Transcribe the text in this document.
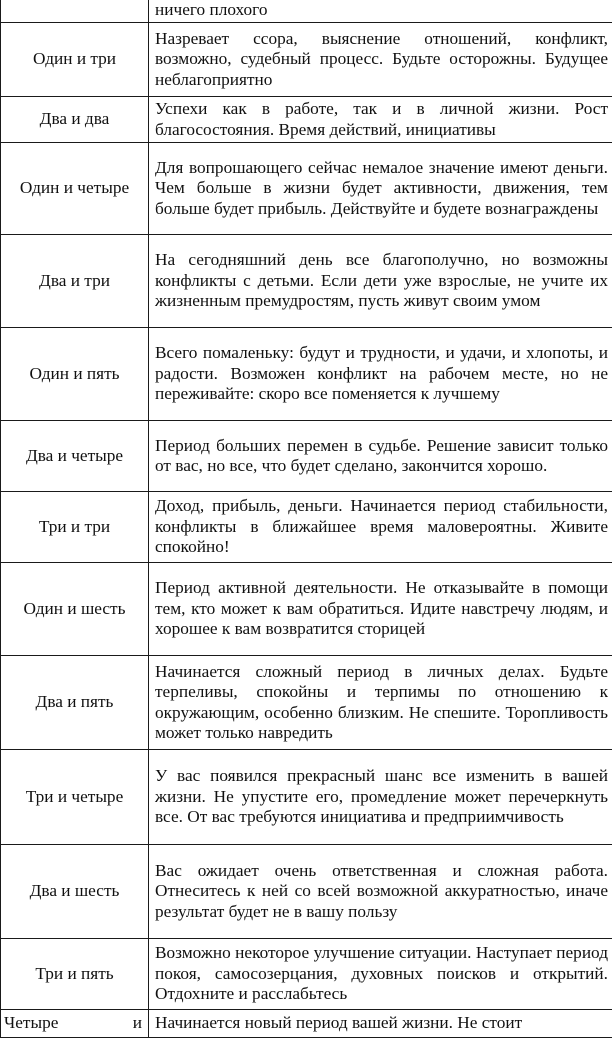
	ничего плохого
Один и три	Назревает ссора, выяснение отношений, конфликт, возможно, судебный процесс. Будьте осторожны. Будущее неблагоприятно
Два и два	Успехи как в работе, так и в личной жизни. Рост благосостояния. Время действий, инициативы
Один и четыре	Для вопрошающего сейчас немалое значение имеют деньги. Чем больше в жизни будет активности, движения, тем больше будет прибыль. Действуйте и будете вознаграждены
Два и три	На сегодняшний день все благополучно, но возможны конфликты с детьми. Если дети уже взрослые, не учите их жизненным премудростям, пусть живут своим умом
Один и пять	Всего помаленьку: будут и трудности, и удачи, и хлопоты, и радости. Возможен конфликт на рабочем месте, но не переживайте: скоро все поменяется к лучшему
Два и четыре	Период больших перемен в судьбе. Решение зависит только от вас, но все, что будет сделано, закончится хорошо.
Три и три	Доход, прибыль, деньги. Начинается период стабильности, конфликты в ближайшее время маловероятны. Живите спокойно!
Один и шесть	Период активной деятельности. Не отказывайте в помощи тем, кто может к вам обратиться. Идите навстречу людям, и хорошее к вам возвратится сторицей
Два и пять	Начинается сложный период в личных делах. Будьте терпеливы, спокойны и терпимы по отношению к окружающим, особенно близким. Не спешите. Торопливость может только навредить
Три и четыре	У вас появился прекрасный шанс все изменить в вашей жизни. Не упустите его, промедление может перечеркнуть все. От вас требуются инициатива и предприимчивость
Два и шесть	Вас ожидает очень ответственная и сложная работа. Отнеситесь к ней со всей возможной аккуратностью, иначе результат будет не в вашу пользу
Три и пять	Возможно некоторое улучшение ситуации. Наступает период покоя, самосозерцания, духовных поисков и открытий. Отдохните и расслабьтесь
Четыре и	Начинается новый период вашей жизни. Не стоит
